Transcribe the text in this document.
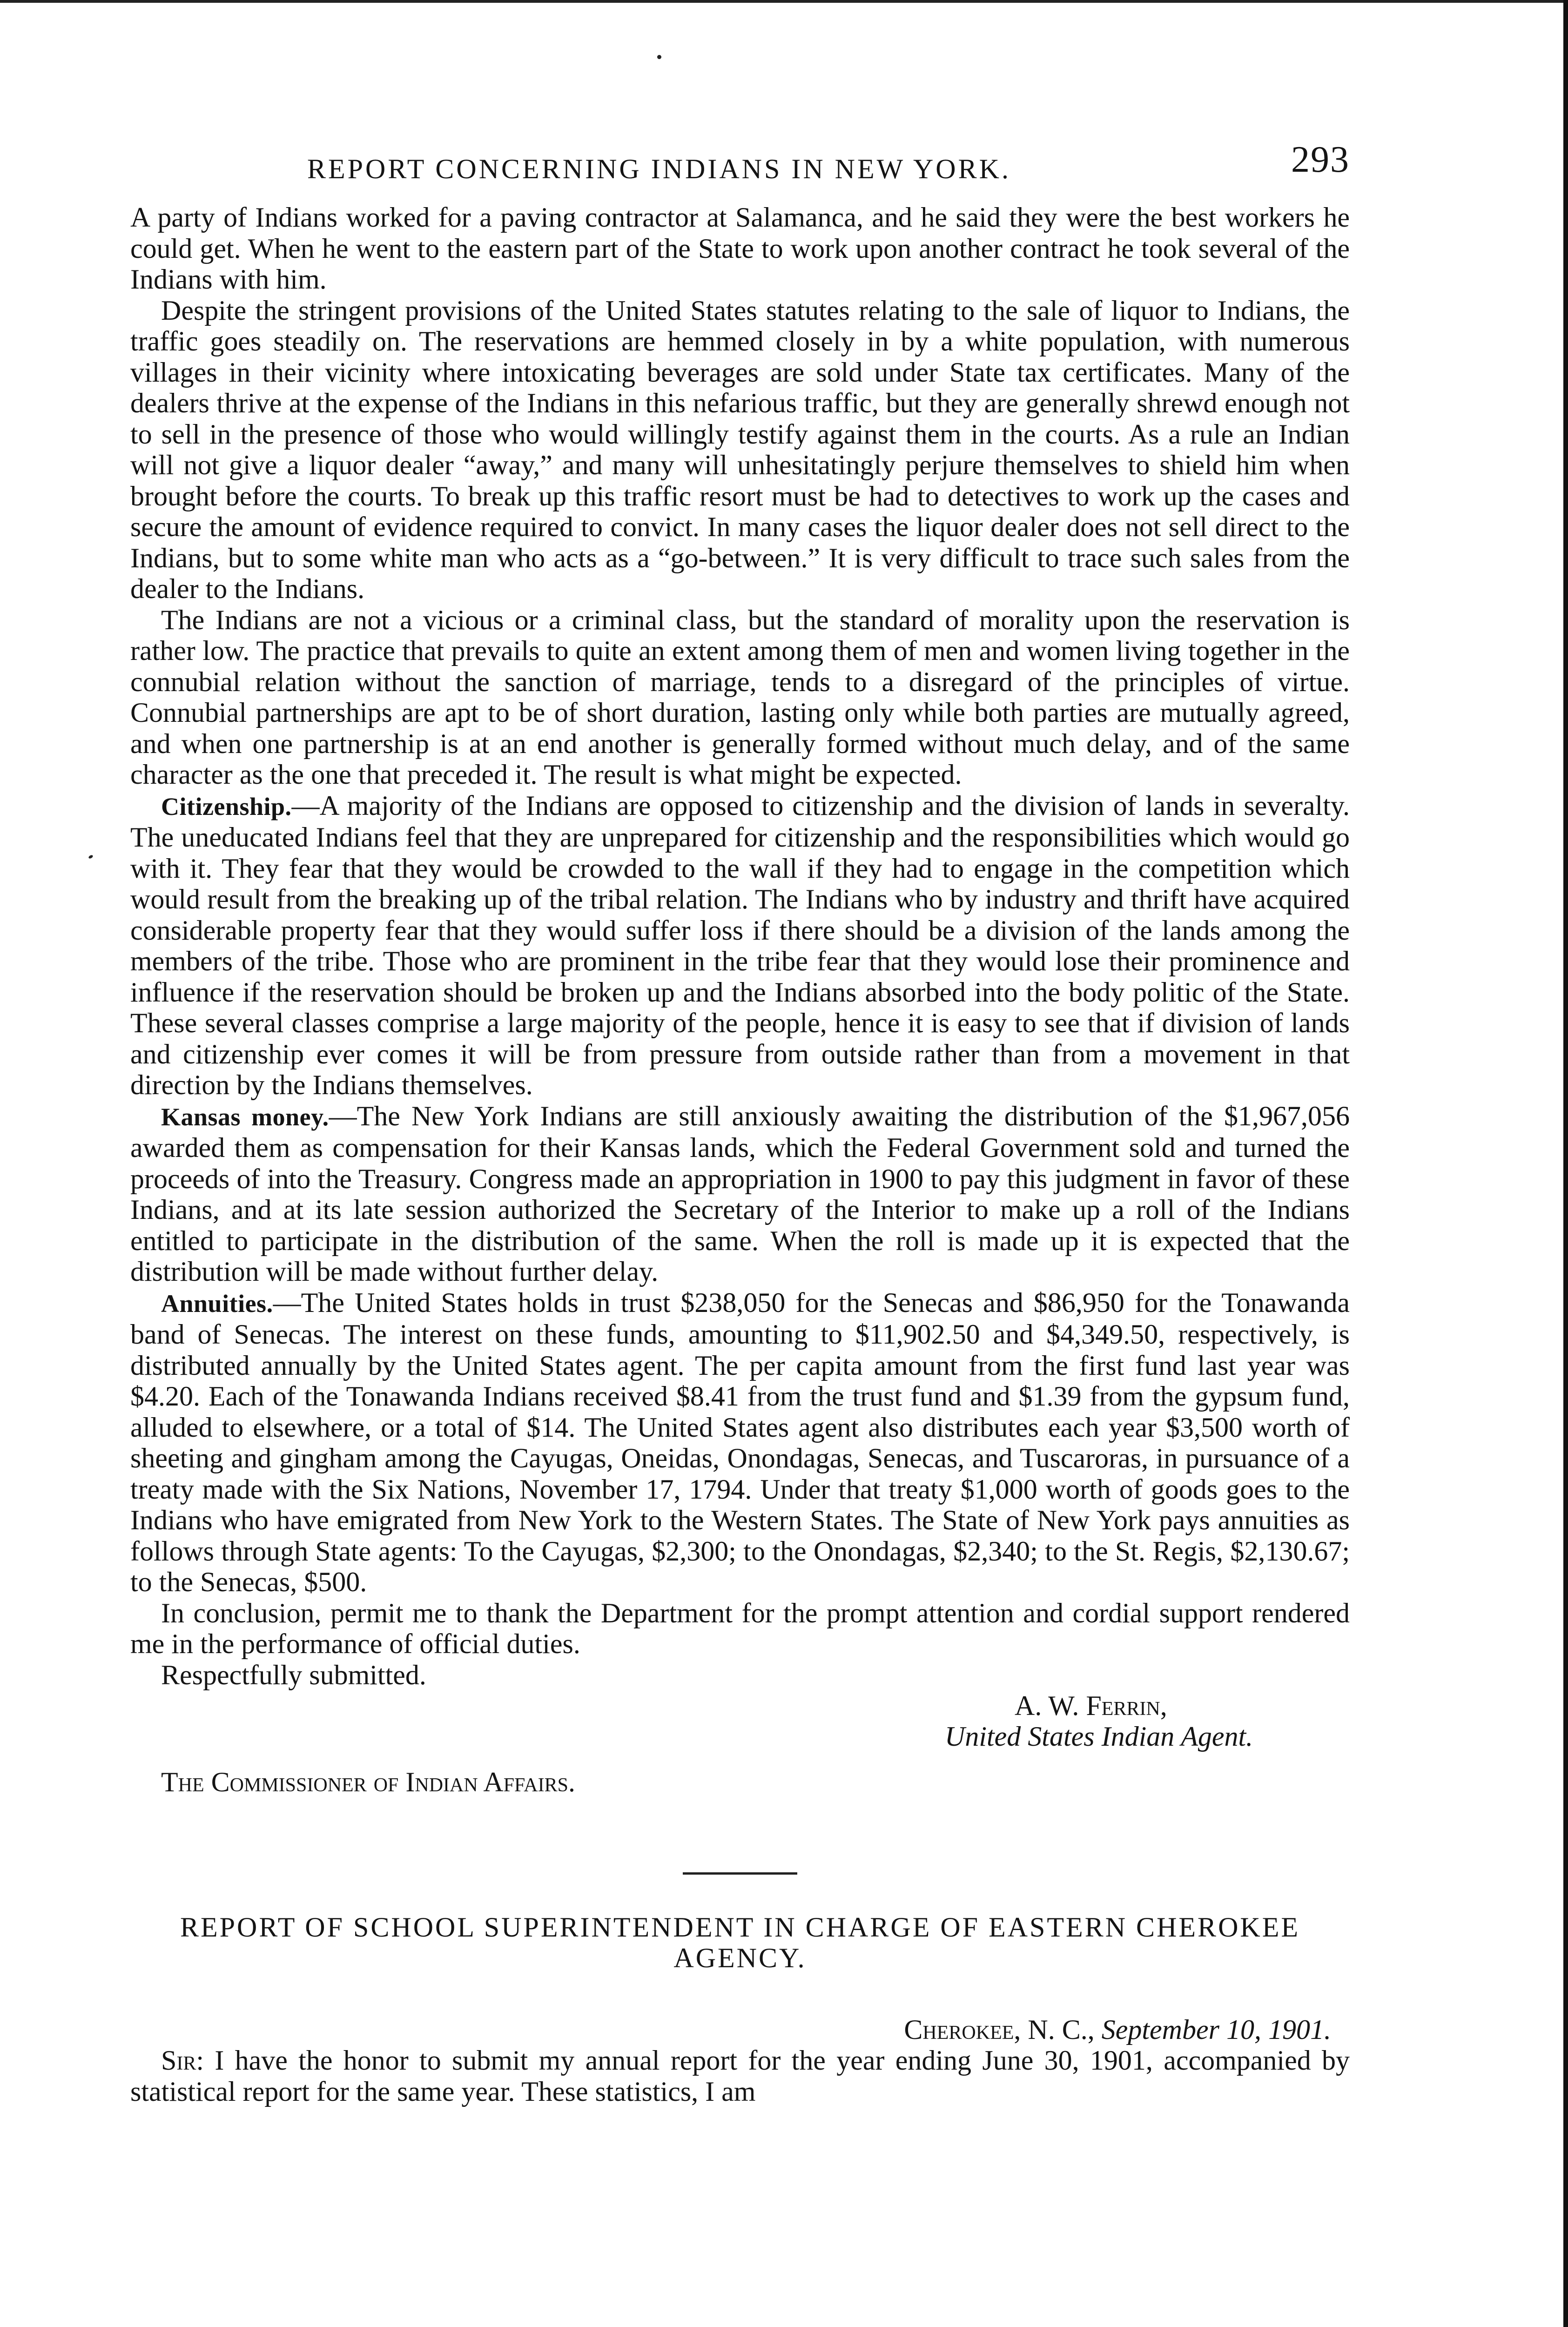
REPORT CONCERNING INDIANS IN NEW YORK.	293

A party of Indians worked for a paving contractor at Salamanca, and he said they were the best workers he could get. When he went to the eastern part of the State to work upon another contract he took several of the Indians with him.

Despite the stringent provisions of the United States statutes relating to the sale of liquor to Indians, the traffic goes steadily on. The reservations are hemmed closely in by a white population, with numerous villages in their vicinity where intoxicating beverages are sold under State tax certificates. Many of the dealers thrive at the expense of the Indians in this nefarious traffic, but they are generally shrewd enough not to sell in the presence of those who would willingly testify against them in the courts. As a rule an Indian will not give a liquor dealer “away,” and many will unhesitatingly perjure themselves to shield him when brought before the courts. To break up this traffic resort must be had to detectives to work up the cases and secure the amount of evidence required to convict. In many cases the liquor dealer does not sell direct to the Indians, but to some white man who acts as a “go-between.” It is very difficult to trace such sales from the dealer to the Indians.

The Indians are not a vicious or a criminal class, but the standard of morality upon the reservation is rather low. The practice that prevails to quite an extent among them of men and women living together in the connubial relation without the sanction of marriage, tends to a disregard of the principles of virtue. Connubial partnerships are apt to be of short duration, lasting only while both parties are mutually agreed, and when one partnership is at an end another is generally formed without much delay, and of the same character as the one that preceded it. The result is what might be expected.

Citizenship.—A majority of the Indians are opposed to citizenship and the division of lands in severalty. The uneducated Indians feel that they are unprepared for citizenship and the responsibilities which would go with it. They fear that they would be crowded to the wall if they had to engage in the competition which would result from the breaking up of the tribal relation. The Indians who by industry and thrift have acquired considerable property fear that they would suffer loss if there should be a division of the lands among the members of the tribe. Those who are prominent in the tribe fear that they would lose their prominence and influence if the reservation should be broken up and the Indians absorbed into the body politic of the State. These several classes comprise a large majority of the people, hence it is easy to see that if division of lands and citizenship ever comes it will be from pressure from outside rather than from a movement in that direction by the Indians themselves.

Kansas money.—The New York Indians are still anxiously awaiting the distribution of the $1,967,056 awarded them as compensation for their Kansas lands, which the Federal Government sold and turned the proceeds of into the Treasury. Congress made an appropriation in 1900 to pay this judgment in favor of these Indians, and at its late session authorized the Secretary of the Interior to make up a roll of the Indians entitled to participate in the distribution of the same. When the roll is made up it is expected that the distribution will be made without further delay.

Annuities.—The United States holds in trust $238,050 for the Senecas and $86,950 for the Tonawanda band of Senecas. The interest on these funds, amounting to $11,902.50 and $4,349.50, respectively, is distributed annually by the United States agent. The per capita amount from the first fund last year was $4.20. Each of the Tonawanda Indians received $8.41 from the trust fund and $1.39 from the gypsum fund, alluded to elsewhere, or a total of $14. The United States agent also distributes each year $3,500 worth of sheeting and gingham among the Cayugas, Oneidas, Onondagas, Senecas, and Tuscaroras, in pursuance of a treaty made with the Six Nations, November 17, 1794. Under that treaty $1,000 worth of goods goes to the Indians who have emigrated from New York to the Western States. The State of New York pays annuities as follows through State agents: To the Cayugas, $2,300; to the Onondagas, $2,340; to the St. Regis, $2,130.67; to the Senecas, $500.

In conclusion, permit me to thank the Department for the prompt attention and cordial support rendered me in the performance of official duties.

Respectfully submitted.

A. W. Ferrin,
United States Indian Agent.

The Commissioner of Indian Affairs.

REPORT OF SCHOOL SUPERINTENDENT IN CHARGE OF EASTERN CHEROKEE AGENCY.

Cherokee, N. C., September 10, 1901.

Sir: I have the honor to submit my annual report for the year ending June 30, 1901, accompanied by statistical report for the same year. These statistics, I am
